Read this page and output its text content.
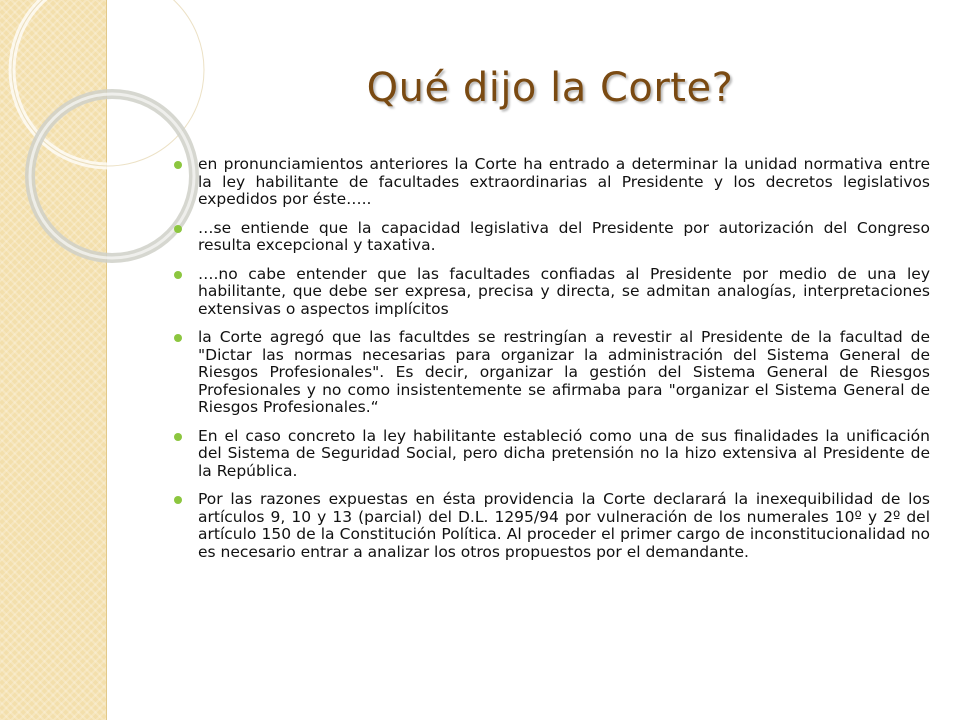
Qué dijo la Corte?
en pronunciamientos anteriores la Corte ha entrado a determinar la unidad normativa entre la ley habilitante de facultades extraordinarias al Presidente y los decretos legislativos expedidos por éste…..
…se entiende que la capacidad legislativa del Presidente por autorización del Congreso resulta excepcional y taxativa.
….no cabe entender que las facultades confiadas al Presidente por medio de una ley habilitante, que debe ser expresa, precisa y directa, se admitan analogías, interpretaciones extensivas o aspectos implícitos
la Corte agregó que las facultdes se restringían a revestir al Presidente de la facultad de "Dictar las normas necesarias para organizar la administración del Sistema General de Riesgos Profesionales". Es decir, organizar la gestión del Sistema General de Riesgos Profesionales y no como insistentemente se afirmaba para "organizar el Sistema General de Riesgos Profesionales.“
En el caso concreto la ley habilitante estableció como una de sus finalidades la unificación del Sistema de Seguridad Social, pero dicha pretensión no la hizo extensiva al Presidente de la República.
Por las razones expuestas en ésta providencia la Corte declarará la inexequibilidad de los artículos 9, 10 y 13 (parcial) del D.L. 1295/94 por vulneración de los numerales 10º y 2º del artículo 150 de la Constitución Política. Al proceder el primer cargo de inconstitucionalidad no es necesario entrar a analizar los otros propuestos por el demandante.
